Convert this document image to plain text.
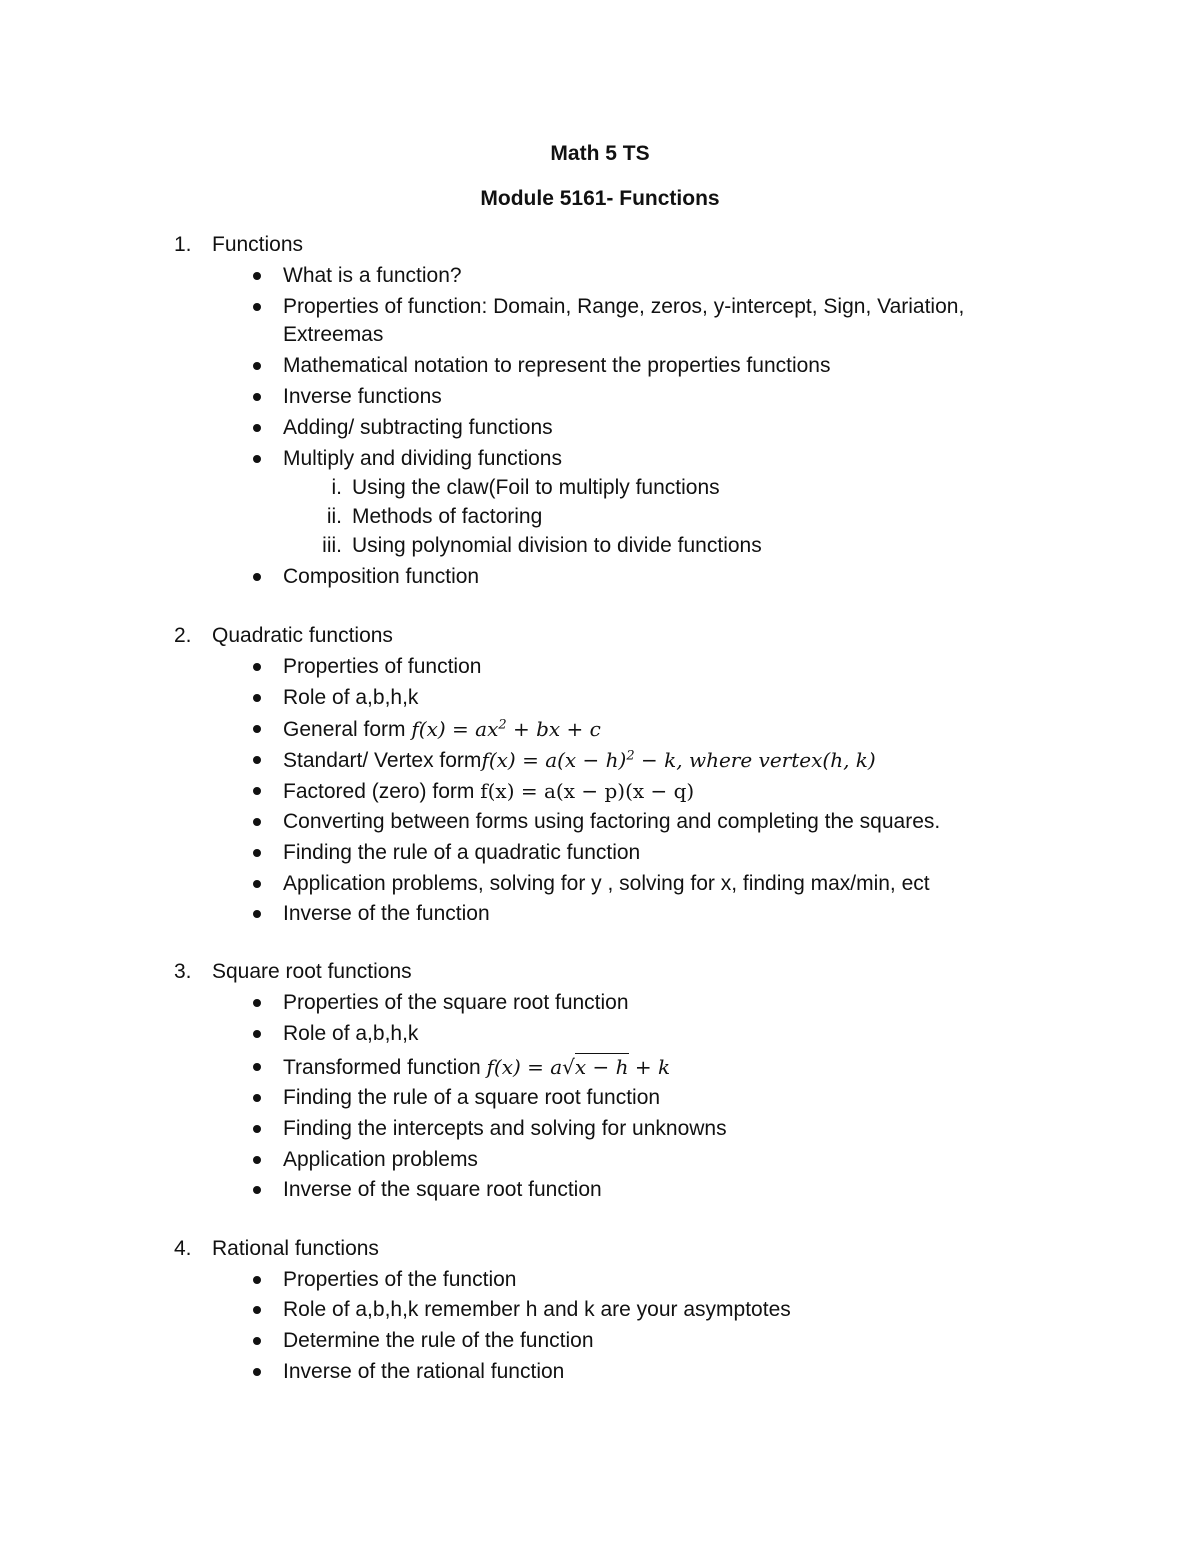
Math 5 TS
Module 5161- Functions
1. Functions
What is a function?
Properties of function: Domain, Range, zeros, y-intercept, Sign, Variation,
Extreemas
Mathematical notation to represent the properties functions
Inverse functions
Adding/ subtracting functions
Multiply and dividing functions
i. Using the claw(Foil to multiply functions
ii. Methods of factoring
iii. Using polynomial division to divide functions
Composition function
2. Quadratic functions
Properties of function
Role of a,b,h,k
General form $f(x) = ax^2$ + bx + c
Standart/ Vertex formf(x) = $a(x - h)^2 - k$, where vertex(h, k)
Factored (zero) form f(x) = a(x − p)(x − q)
Converting between forms using factoring and completing the squares.
Finding the rule of a quadratic function
Application problems, solving for y , solving for x, finding max/min, ect
Inverse of the function
3. Square root functions
Properties of the square root function
Role of a,b,h,k
Transformed function f(x) = a√x − h + k
Finding the rule of a square root function
Finding the intercepts and solving for unknowns
Application problems
Inverse of the square root function
4. Rational functions
Properties of the function
Role of a,b,h,k remember h and k are your asymptotes
Determine the rule of the function
Inverse of the rational function
